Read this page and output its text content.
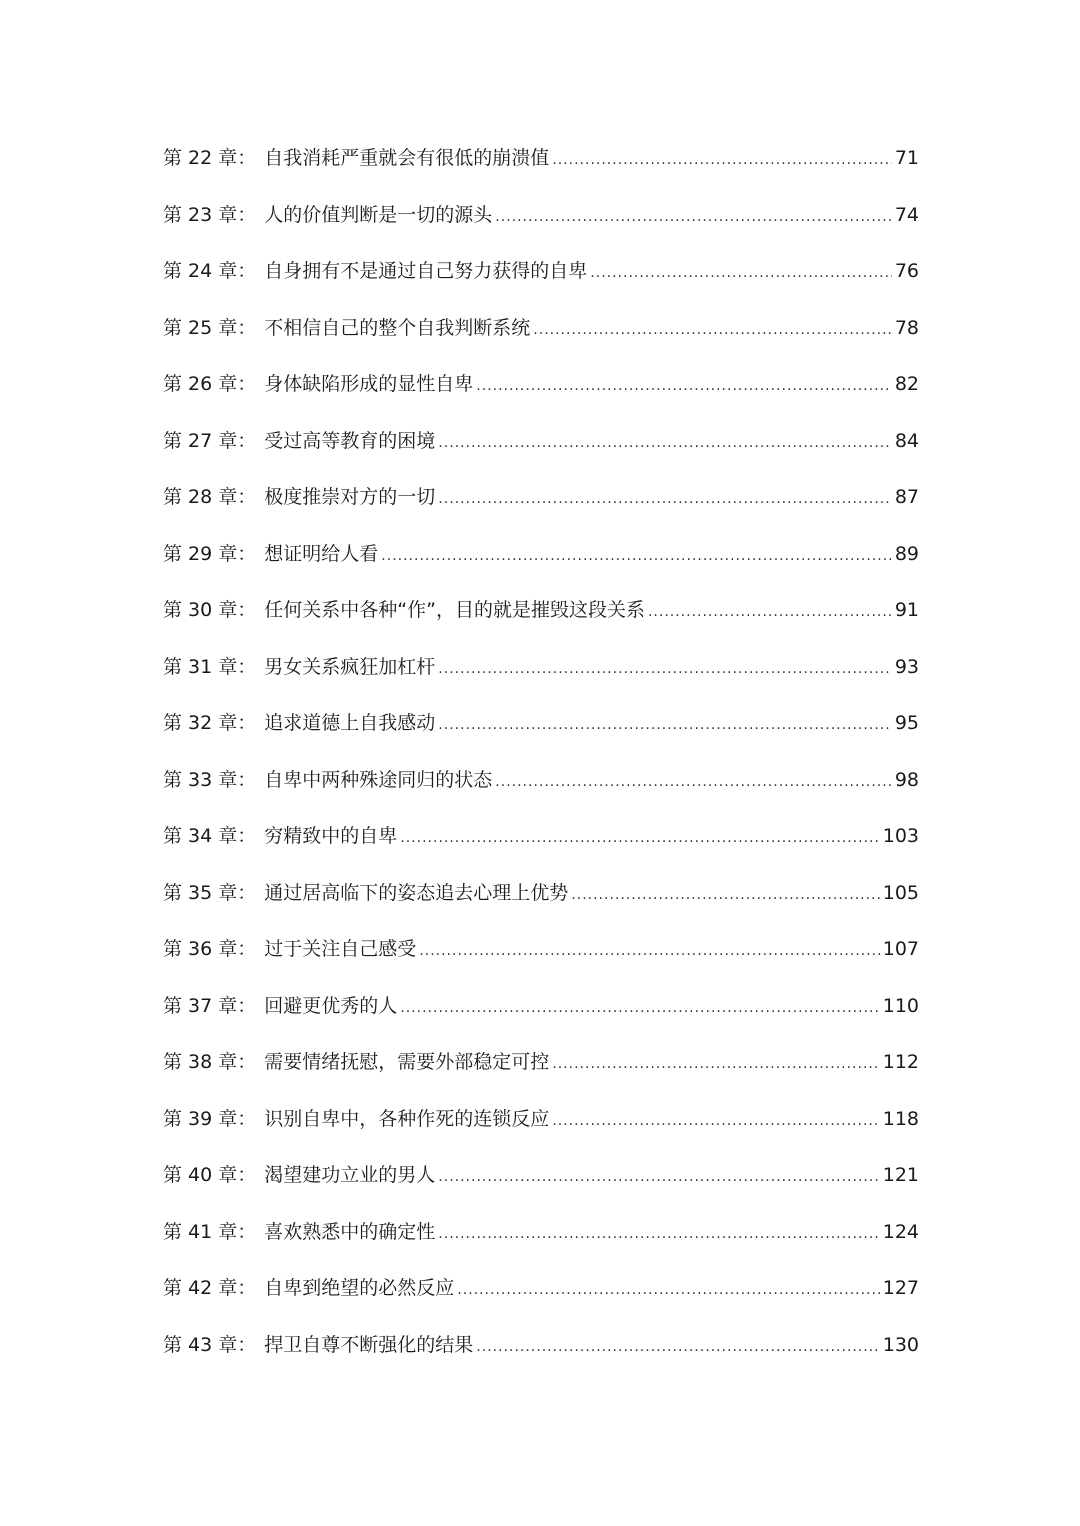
第 22 章 ： 自我消耗严重就会有很低的崩溃值 .....	71
第 23 章 ： 人的价值判断是一切的源头 .....	74
第 24 章 ： 自身拥有不是通过自己努力获得的自卑 .....	76
第 25 章 ： 不相信自己的整个自我判断系统 .....	78
第 26 章 ： 身体缺陷形成的显性自卑 .....	82
第 27 章 ： 受过高等教育的困境 .....	84
第 28 章 ： 极度推崇对方的一切 .....	87
第 29 章 ： 想证明给人看 .....	89
第 30 章 ： 任何关系中各种“作”，目的就是摧毁这段关系 .....	91
第 31 章 ： 男女关系疯狂加杠杆 .....	93
第 32 章 ： 追求道德上自我感动 .....	95
第 33 章 ： 自卑中两种殊途同归的状态 .....	98
第 34 章 ： 穷精致中的自卑 .....	103
第 35 章 ： 通过居高临下的姿态追去心理上优势 .....	105
第 36 章 ： 过于关注自己感受 .....	107
第 37 章 ： 回避更优秀的人 .....	110
第 38 章 ： 需要情绪抚慰，需要外部稳定可控 .....	112
第 39 章 ： 识别自卑中，各种作死的连锁反应 .....	118
第 40 章 ： 渴望建功立业的男人 .....	121
第 41 章 ： 喜欢熟悉中的确定性 .....	124
第 42 章 ： 自卑到绝望的必然反应 .....	127
第 43 章 ： 捍卫自尊不断强化的结果 .....	130
